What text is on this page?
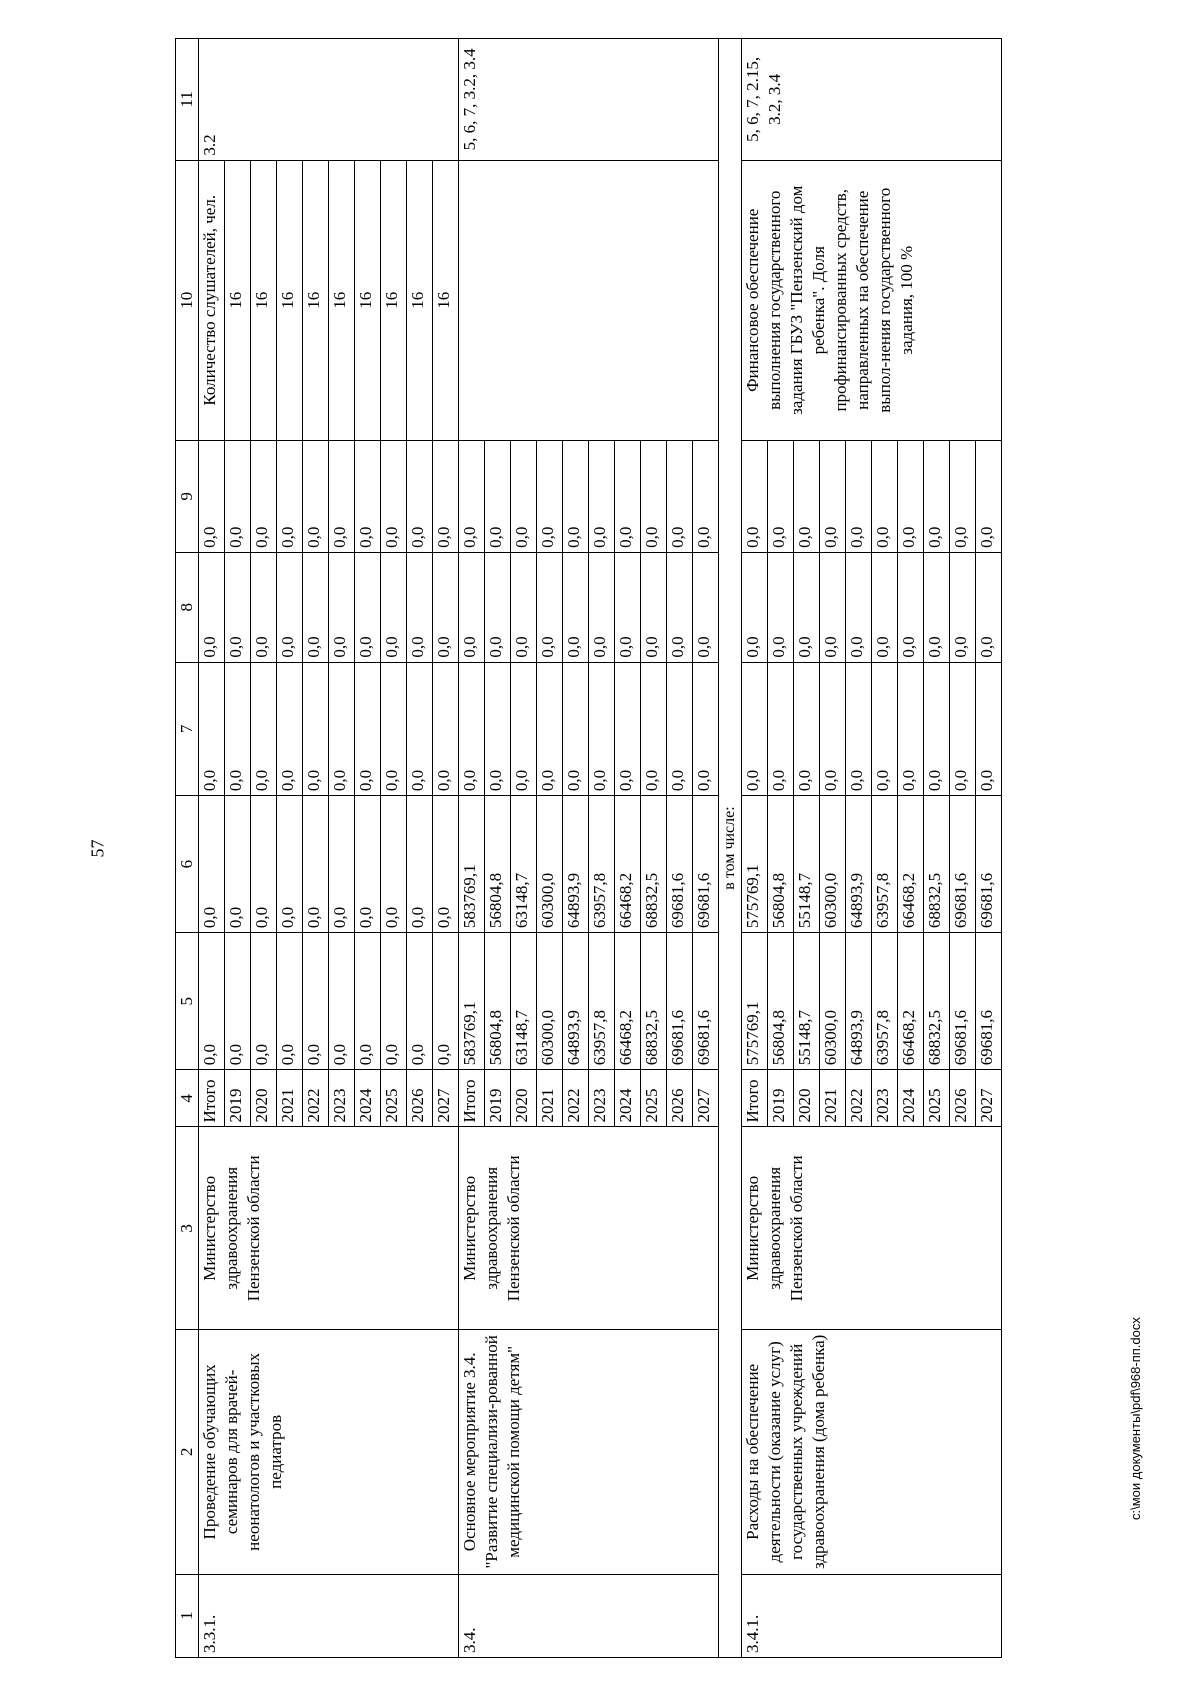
57
c:\мои документы\pdf\968-пп.docx
1	2	3	4	5	6	7	8	9	10	11
3.3.1.	Проведение обучающих семинаров для врачей-неонатологов и участковых педиатров	Министерство здравоохранения Пензенской области	Итого	0,0	0,0	0,0	0,0	0,0	Количество слушателей, чел.	3.2
			2019	0,0	0,0	0,0	0,0	0,0	16	
			2020	0,0	0,0	0,0	0,0	0,0	16	
			2021	0,0	0,0	0,0	0,0	0,0	16	
			2022	0,0	0,0	0,0	0,0	0,0	16	
			2023	0,0	0,0	0,0	0,0	0,0	16	
			2024	0,0	0,0	0,0	0,0	0,0	16	
			2025	0,0	0,0	0,0	0,0	0,0	16	
			2026	0,0	0,0	0,0	0,0	0,0	16	
			2027	0,0	0,0	0,0	0,0	0,0	16	
3.4.	Основное мероприятие 3.4. "Развитие специализи-рованной медицинской помощи детям"	Министерство здравоохранения Пензенской области	Итого	583769,1	583769,1	0,0	0,0	0,0		5, 6, 7, 3.2, 3.4
			2019	56804,8	56804,8	0,0	0,0	0,0		
			2020	63148,7	63148,7	0,0	0,0	0,0		
			2021	60300,0	60300,0	0,0	0,0	0,0		
			2022	64893,9	64893,9	0,0	0,0	0,0		
			2023	63957,8	63957,8	0,0	0,0	0,0		
			2024	66468,2	66468,2	0,0	0,0	0,0		
			2025	68832,5	68832,5	0,0	0,0	0,0		
			2026	69681,6	69681,6	0,0	0,0	0,0		
			2027	69681,6	69681,6	0,0	0,0	0,0		
в том числе:										
3.4.1.	Расходы на обеспечение деятельности (оказание услуг) государственных учреждений здравоохранения (дома ребенка)	Министерство здравоохранения Пензенской области	Итого	575769,1	575769,1	0,0	0,0	0,0	Финансовое обеспечение выполнения государственного задания ГБУЗ "Пензенский дом ребенка". Доля профинансированных средств, направленных на обеспечение выпол-нения государственного задания, 100 %	5, 6, 7, 2.15, 3.2, 3.4
			2019	56804,8	56804,8	0,0	0,0	0,0		
			2020	55148,7	55148,7	0,0	0,0	0,0		
			2021	60300,0	60300,0	0,0	0,0	0,0		
			2022	64893,9	64893,9	0,0	0,0	0,0		
			2023	63957,8	63957,8	0,0	0,0	0,0		
			2024	66468,2	66468,2	0,0	0,0	0,0		
			2025	68832,5	68832,5	0,0	0,0	0,0		
			2026	69681,6	69681,6	0,0	0,0	0,0		
			2027	69681,6	69681,6	0,0	0,0	0,0		
